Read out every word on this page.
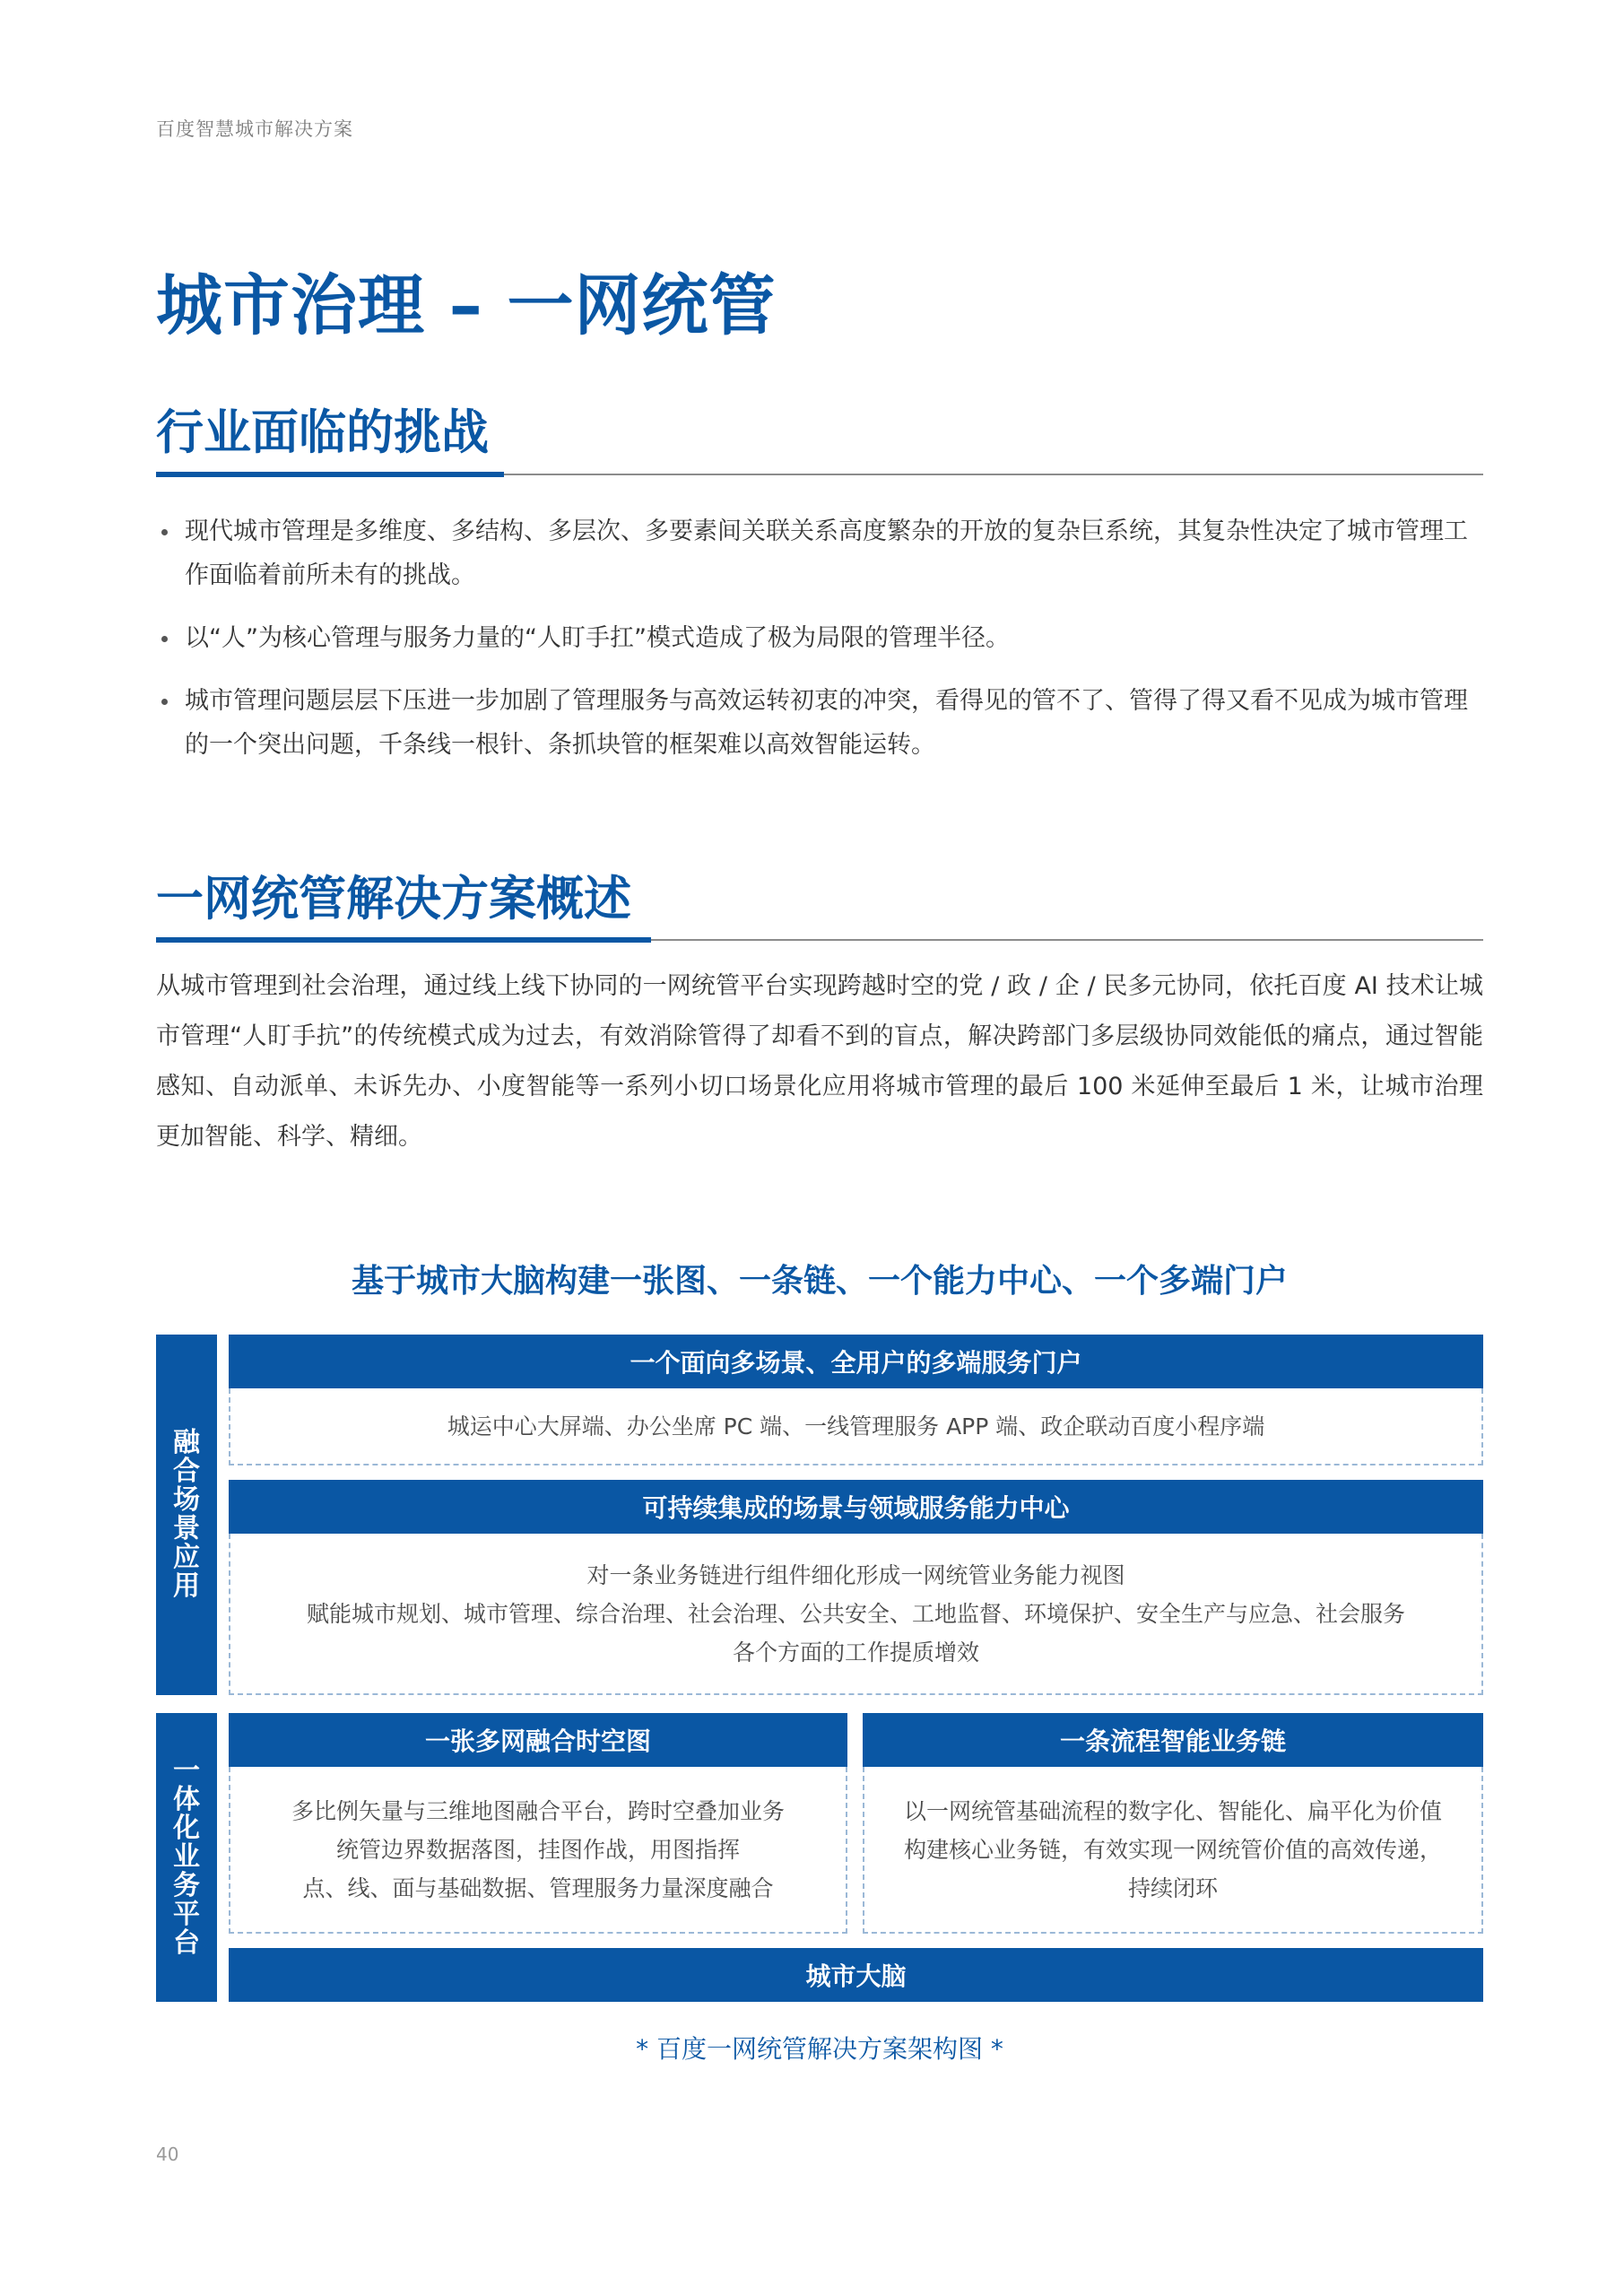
百度智慧城市解决方案
城市治理 – 一网统管
行业面临的挑战
现代城市管理是多维度、多结构、多层次、多要素间关联关系高度繁杂的开放的复杂巨系统，其复杂性决定了城市管理工作面临着前所未有的挑战。
以“人”为核心管理与服务力量的“人盯手扛”模式造成了极为局限的管理半径。
城市管理问题层层下压进一步加剧了管理服务与高效运转初衷的冲突，看得见的管不了、管得了得又看不见成为城市管理的一个突出问题，千条线一根针、条抓块管的框架难以高效智能运转。
一网统管解决方案概述
从城市管理到社会治理，通过线上线下协同的一网统管平台实现跨越时空的党 / 政 / 企 / 民多元协同，依托百度 AI 技术让城市管理“人盯手抗”的传统模式成为过去，有效消除管得了却看不到的盲点，解决跨部门多层级协同效能低的痛点，通过智能感知、自动派单、未诉先办、小度智能等一系列小切口场景化应用将城市管理的最后 100 米延伸至最后 1 米，让城市治理更加智能、科学、精细。
基于城市大脑构建一张图、一条链、一个能力中心、一个多端门户
融
合
场
景
应
用
一
体
化
业
务
平
台
一个面向多场景、全用户的多端服务门户
城运中心大屏端、办公坐席 PC 端、一线管理服务 APP 端、政企联动百度小程序端
可持续集成的场景与领域服务能力中心
对一条业务链进行组件细化形成一网统管业务能力视图
赋能城市规划、城市管理、综合治理、社会治理、公共安全、工地监督、环境保护、安全生产与应急、社会服务
各个方面的工作提质增效
一张多网融合时空图
多比例矢量与三维地图融合平台，跨时空叠加业务
统管边界数据落图，挂图作战，用图指挥
点、线、面与基础数据、管理服务力量深度融合
一条流程智能业务链
以一网统管基础流程的数字化、智能化、扁平化为价值
构建核心业务链，有效实现一网统管价值的高效传递，
持续闭环
城市大脑
* 百度一网统管解决方案架构图 *
40
